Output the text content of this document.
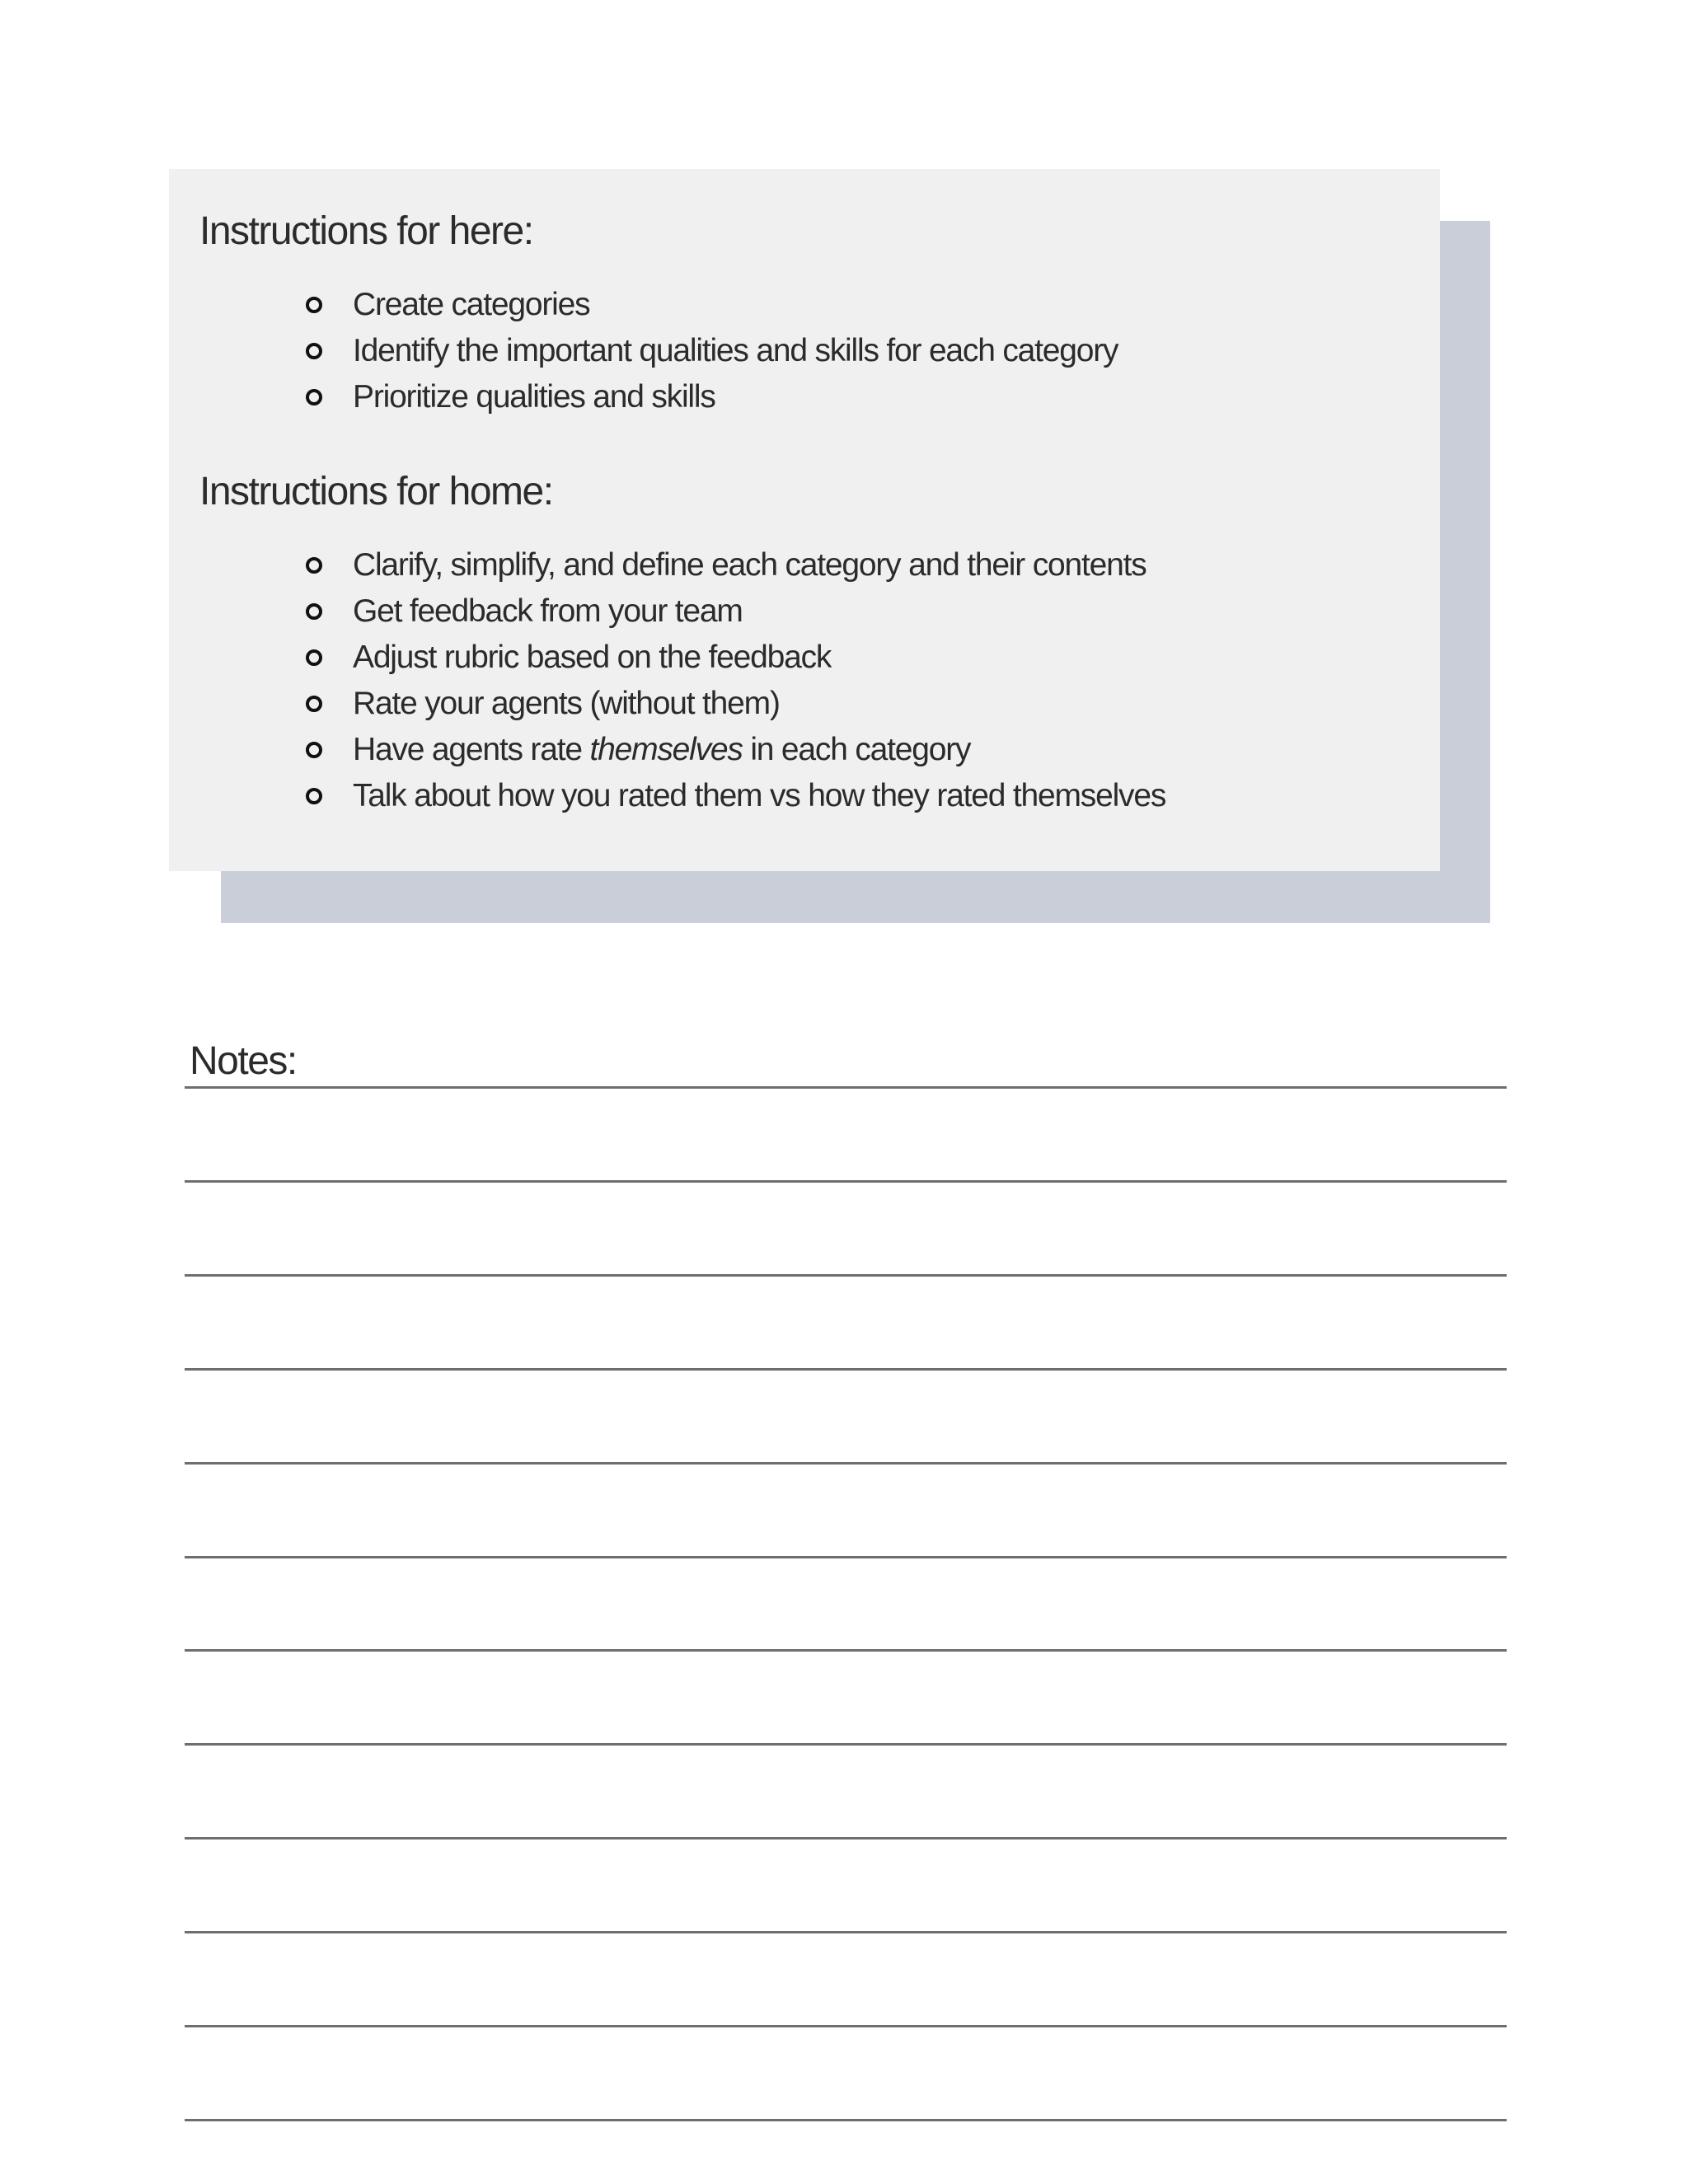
Instructions for here:
Create categories
Identify the important qualities and skills for each category
Prioritize qualities and skills
Instructions for home:
Clarify, simplify, and define each category and their contents
Get feedback from your team
Adjust rubric based on the feedback
Rate your agents (without them)
Have agents rate themselves in each category
Talk about how you rated them vs how they rated themselves
Notes:
